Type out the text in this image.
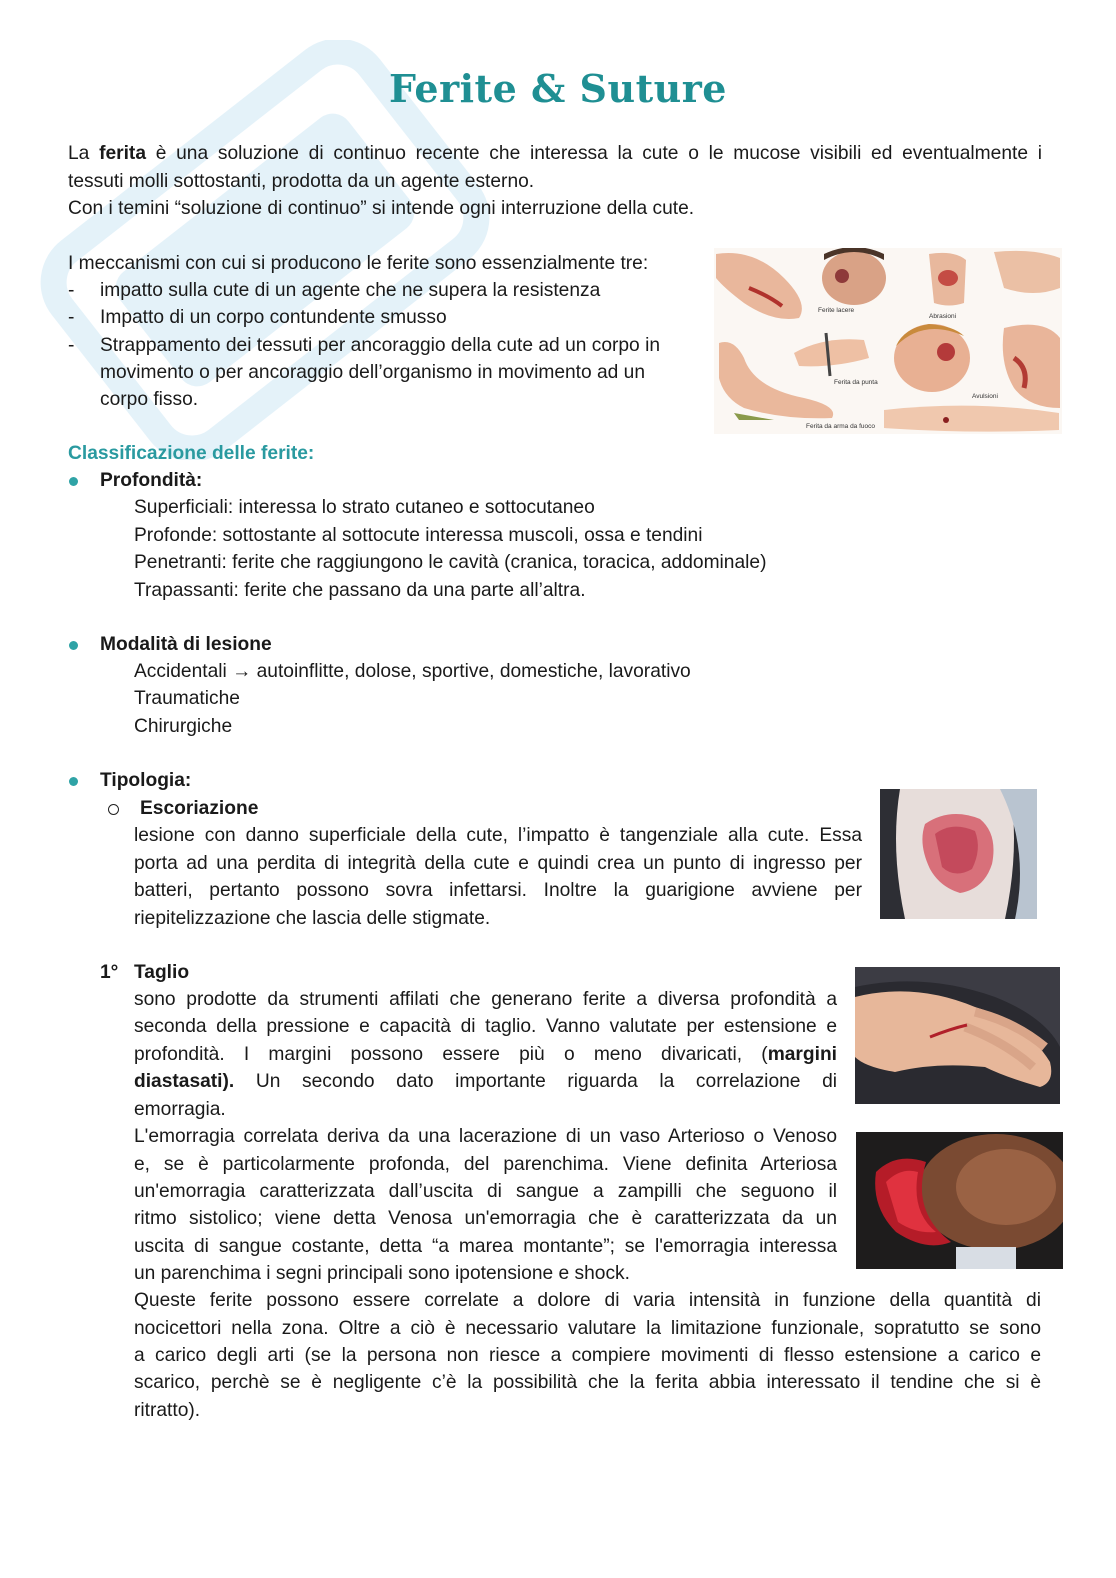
Ferite & Suture
La ferita è una soluzione di continuo recente che interessa la cute o le mucose visibili ed eventualmente i
tessuti molli sottostanti, prodotta da un agente esterno.
Con i temini “soluzione di continuo” si intende ogni interruzione della cute.
I meccanismi con cui si producono le ferite sono essenzialmente tre:
- impatto sulla cute di un agente che ne supera la resistenza
- Impatto di un corpo contundente smusso
- Strappamento dei tessuti per ancoraggio della cute ad un corpo in
movimento o per ancoraggio dell’organismo in movimento ad un
corpo fisso.
Ferite lacere
Abrasioni
Ferita da punta
Avulsioni
Ferita da arma da fuoco
Classificazione delle ferite:
Profondità:
Superficiali: interessa lo strato cutaneo e sottocutaneo
Profonde: sottostante al sottocute interessa muscoli, ossa e tendini
Penetranti: ferite che raggiungono le cavità (cranica, toracica, addominale)
Trapassanti: ferite che passano da una parte all’altra.
Modalità di lesione
Accidentali → autoinflitte, dolose, sportive, domestiche, lavorativo
Traumatiche
Chirurgiche
Tipologia:
Escoriazione
lesione con danno superficiale della cute, l’impatto è tangenziale alla cute. Essa
porta ad una perdita di integrità della cute e quindi crea un punto di ingresso per
batteri, pertanto possono sovra infettarsi. Inoltre la guarigione avviene per
riepitelizzazione che lascia delle stigmate.
1° Taglio
sono prodotte da strumenti affilati che generano ferite a diversa profondità a
seconda della pressione e capacità di taglio. Vanno valutate per estensione e
profondità. I margini possono essere più o meno divaricati, (margini
diastasati). Un secondo dato importante riguarda la correlazione di
emorragia.
L'emorragia correlata deriva da una lacerazione di un vaso Arterioso o Venoso
e, se è particolarmente profonda, del parenchima. Viene definita Arteriosa
un'emorragia caratterizzata dall’uscita di sangue a zampilli che seguono il
ritmo sistolico; viene detta Venosa un'emorragia che è caratterizzata da un
uscita di sangue costante, detta “a marea montante”; se l'emorragia interessa
un parenchima i segni principali sono ipotensione e shock.
Queste ferite possono essere correlate a dolore di varia intensità in funzione della quantità di
nocicettori nella zona. Oltre a ciò è necessario valutare la limitazione funzionale, sopratutto se sono
a carico degli arti (se la persona non riesce a compiere movimenti di flesso estensione a carico e
scarico, perchè se è negligente c’è la possibilità che la ferita abbia interessato il tendine che si è
ritratto).
